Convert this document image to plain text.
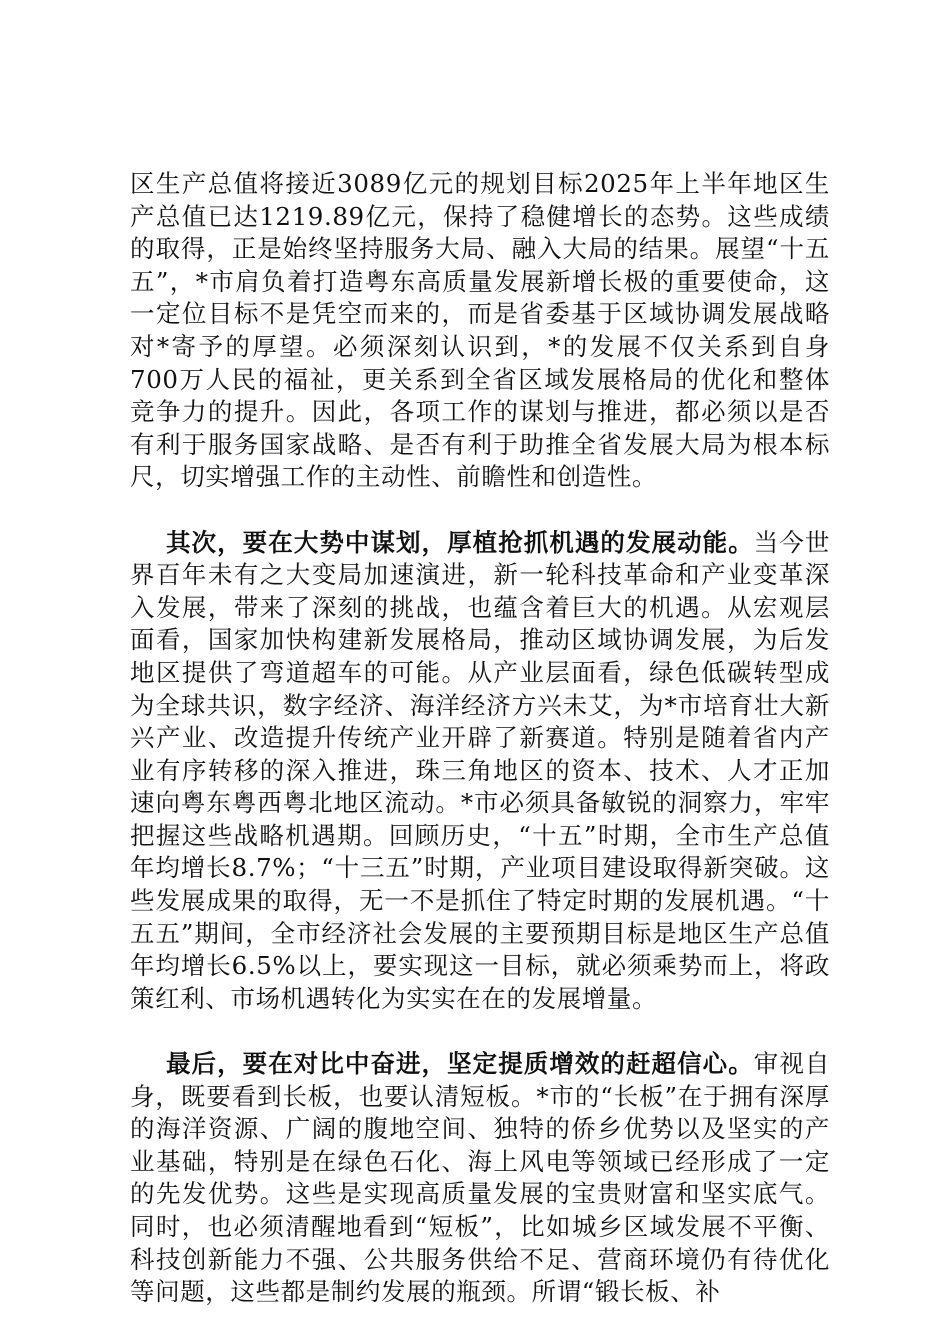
区生产总值将接近3089亿元的规划目标2025年上半年地区生产总值已达1219.89亿元，保持了稳健增长的态势。这些成绩的取得，正是始终坚持服务大局、融入大局的结果。展望“十五五”，*市肩负着打造粤东高质量发展新增长极的重要使命，这一定位目标不是凭空而来的，而是省委基于区域协调发展战略对*寄予的厚望。必须深刻认识到，*的发展不仅关系到自身700万人民的福祉，更关系到全省区域发展格局的优化和整体竞争力的提升。因此，各项工作的谋划与推进，都必须以是否有利于服务国家战略、是否有利于助推全省发展大局为根本标尺，切实增强工作的主动性、前瞻性和创造性。

其次，要在大势中谋划，厚植抢抓机遇的发展动能。当今世界百年未有之大变局加速演进，新一轮科技革命和产业变革深入发展，带来了深刻的挑战，也蕴含着巨大的机遇。从宏观层面看，国家加快构建新发展格局，推动区域协调发展，为后发地区提供了弯道超车的可能。从产业层面看，绿色低碳转型成为全球共识，数字经济、海洋经济方兴未艾，为*市培育壮大新兴产业、改造提升传统产业开辟了新赛道。特别是随着省内产业有序转移的深入推进，珠三角地区的资本、技术、人才正加速向粤东粤西粤北地区流动。*市必须具备敏锐的洞察力，牢牢把握这些战略机遇期。回顾历史，“十五”时期，全市生产总值年均增长8.7%；“十三五”时期，产业项目建设取得新突破。这些发展成果的取得，无一不是抓住了特定时期的发展机遇。“十五五”期间，全市经济社会发展的主要预期目标是地区生产总值年均增长6.5%以上，要实现这一目标，就必须乘势而上，将政策红利、市场机遇转化为实实在在的发展增量。

最后，要在对比中奋进，坚定提质增效的赶超信心。审视自身，既要看到长板，也要认清短板。*市的“长板”在于拥有深厚的海洋资源、广阔的腹地空间、独特的侨乡优势以及坚实的产业基础，特别是在绿色石化、海上风电等领域已经形成了一定的先发优势。这些是实现高质量发展的宝贵财富和坚实底气。同时，也必须清醒地看到“短板”，比如城乡区域发展不平衡、科技创新能力不强、公共服务供给不足、营商环境仍有待优化等问题，这些都是制约发展的瓶颈。所谓“锻长板、补
